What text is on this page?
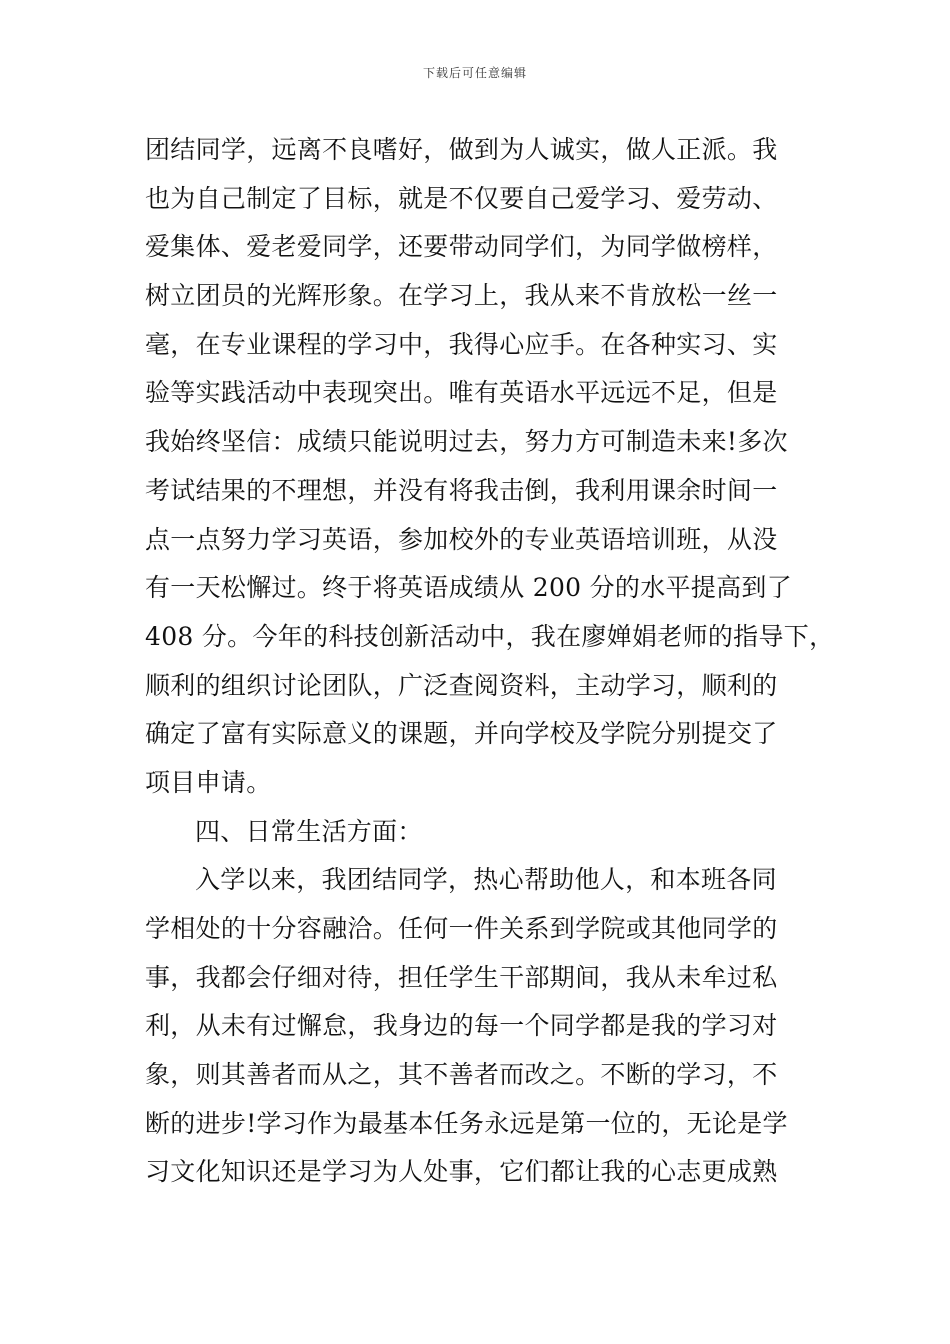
下载后可任意编辑
团结同学，远离不良嗜好，做到为人诚实，做人正派。我
也为自己制定了目标，就是不仅要自己爱学习、爱劳动、
爱集体、爱老爱同学，还要带动同学们，为同学做榜样，
树立团员的光辉形象。在学习上，我从来不肯放松一丝一
毫，在专业课程的学习中，我得心应手。在各种实习、实
验等实践活动中表现突出。唯有英语水平远远不足，但是
我始终坚信：成绩只能说明过去，努力方可制造未来!多次
考试结果的不理想，并没有将我击倒，我利用课余时间一
点一点努力学习英语，参加校外的专业英语培训班，从没
有一天松懈过。终于将英语成绩从 200 分的水平提高到了
408 分。今年的科技创新活动中，我在廖婵娟老师的指导下，
顺利的组织讨论团队，广泛查阅资料，主动学习，顺利的
确定了富有实际意义的课题，并向学校及学院分别提交了
项目申请。
四、日常生活方面：
入学以来，我团结同学，热心帮助他人，和本班各同
学相处的十分容融洽。任何一件关系到学院或其他同学的
事，我都会仔细对待，担任学生干部期间，我从未牟过私
利，从未有过懈怠，我身边的每一个同学都是我的学习对
象，则其善者而从之，其不善者而改之。不断的学习，不
断的进步!学习作为最基本任务永远是第一位的，无论是学
习文化知识还是学习为人处事，它们都让我的心志更成熟
